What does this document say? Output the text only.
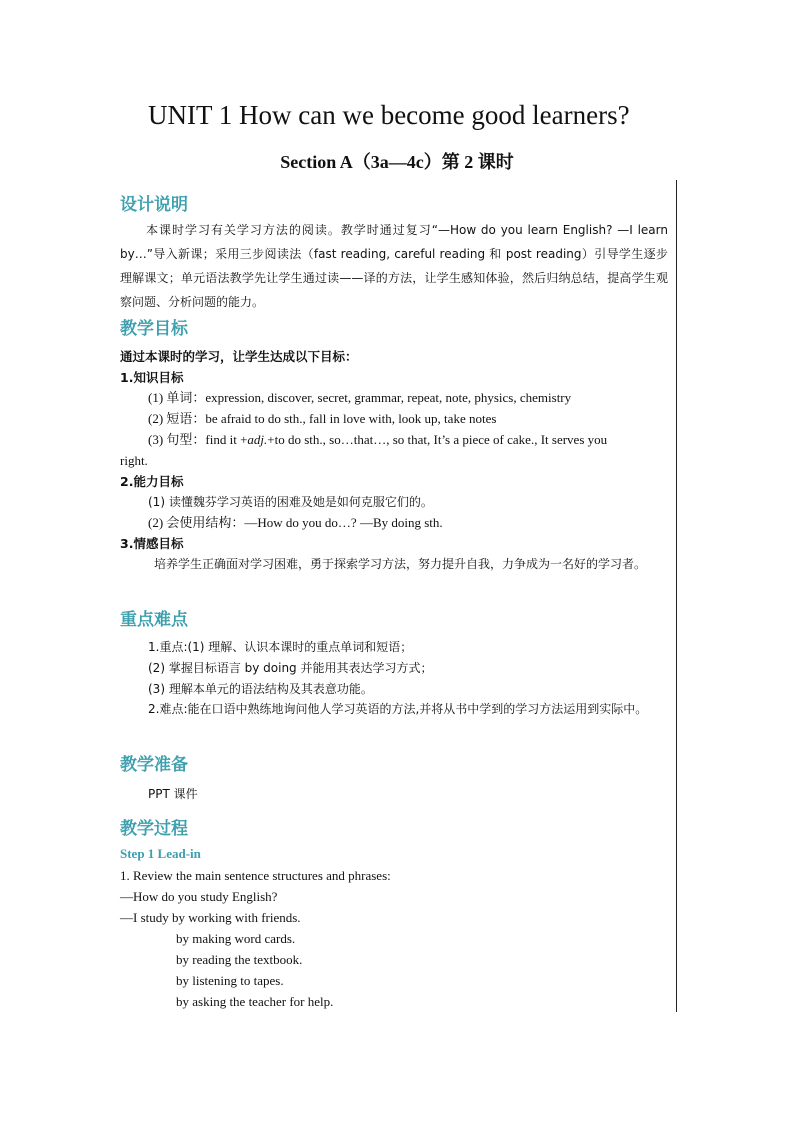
UNIT 1 How can we become good learners?
Section A（3a—4c）第 2 课时
设计说明
本课时学习有关学习方法的阅读。教学时通过复习“—How do you learn English? —I learn by…”导入新课；采用三步阅读法（fast reading, careful reading 和 post reading）引导学生逐步理解课文；单元语法教学先让学生通过读——译的方法，让学生感知体验，然后归纳总结，提高学生观察问题、分析问题的能力。
教学目标
通过本课时的学习，让学生达成以下目标：
1.知识目标
(1) 单词：expression, discover, secret, grammar, repeat, note, physics, chemistry
(2) 短语：be afraid to do sth., fall in love with, look up, take notes
(3) 句型：find it +adj.+to do sth., so…that…, so that, It’s a piece of cake., It serves you
right.
2.能力目标
(1) 读懂魏芬学习英语的困难及她是如何克服它们的。
(2) 会使用结构：—How do you do…? —By doing sth.
3.情感目标
培养学生正确面对学习困难，勇于探索学习方法，努力提升自我，力争成为一名好的学习者。
重点难点
1.重点:(1) 理解、认识本课时的重点单词和短语；
(2) 掌握目标语言 by doing 并能用其表达学习方式；
(3) 理解本单元的语法结构及其表意功能。
2.难点:能在口语中熟练地询问他人学习英语的方法,并将从书中学到的学习方法运用到实际中。
教学准备
PPT 课件
教学过程
Step 1 Lead-in
1. Review the main sentence structures and phrases:
—How do you study English?
—I study by working with friends.
by making word cards.
by reading the textbook.
by listening to tapes.
by asking the teacher for help.
